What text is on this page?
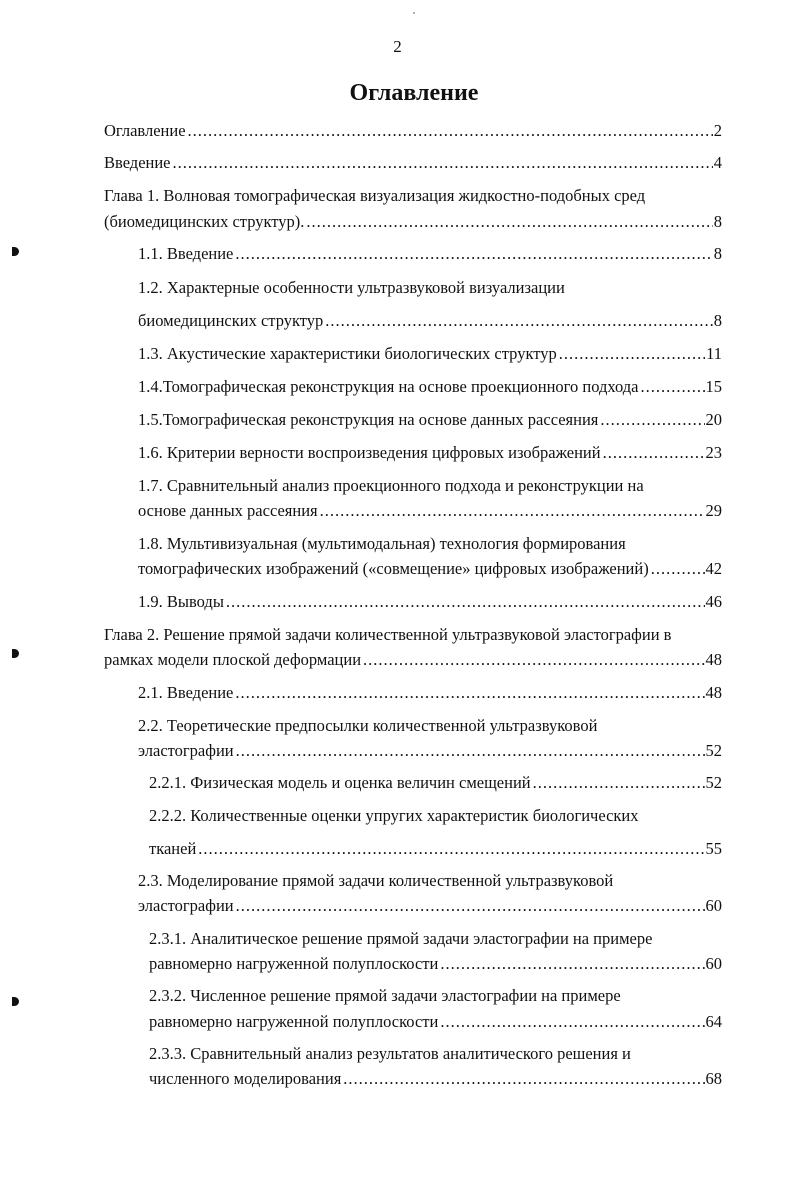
2
Оглавление
Оглавление .....	2
Введение .....	4
Глава 1. Волновая томографическая визуализация жидкостно-подобных сред
(биомедицинских структур). .....	8
1.1. Введение .....	8
1.2. Характерные особенности ультразвуковой визуализации
биомедицинских структур .....	8
1.3. Акустические характеристики биологических структур .....	11
1.4.Томографическая реконструкция на основе проекционного подхода .....	15
1.5.Томографическая реконструкция на основе данных рассеяния .....	20
1.6. Критерии верности воспроизведения цифровых изображений .....	23
1.7. Сравнительный анализ проекционного подхода и реконструкции на
основе данных рассеяния .....	29
1.8. Мультивизуальная (мультимодальная) технология формирования
томографических изображений («совмещение» цифровых изображений) .....	42
1.9. Выводы .....	46
Глава 2. Решение прямой задачи количественной ультразвуковой эластографии в
рамках модели плоской деформации .....	48
2.1. Введение .....	48
2.2. Теоретические предпосылки количественной ультразвуковой
эластографии .....	52
2.2.1. Физическая модель и оценка величин смещений .....	52
2.2.2. Количественные оценки упругих характеристик биологических
тканей .....	55
2.3. Моделирование прямой задачи количественной ультразвуковой
эластографии .....	60
2.3.1. Аналитическое решение прямой задачи эластографии на примере
равномерно нагруженной полуплоскости .....	60
2.3.2. Численное решение прямой задачи эластографии на примере
равномерно нагруженной полуплоскости .....	64
2.3.3. Сравнительный анализ результатов аналитического решения и
численного моделирования .....	68
